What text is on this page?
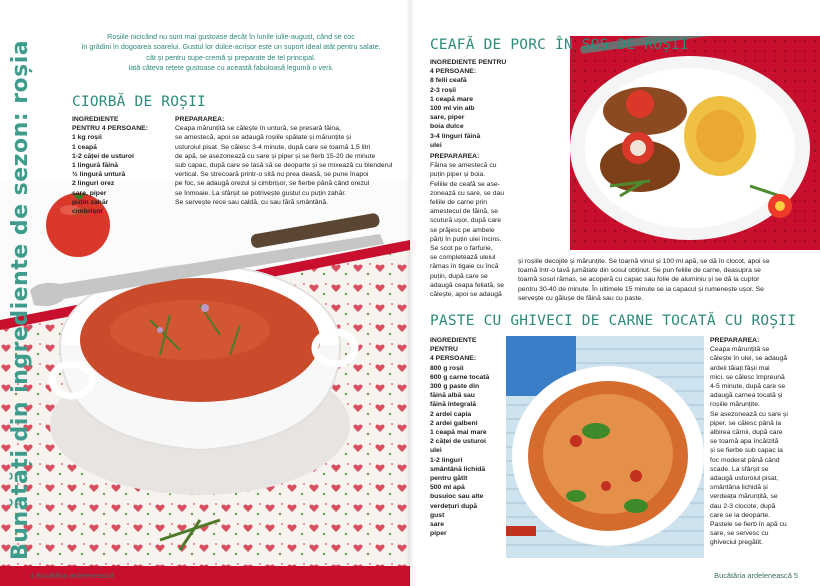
Roșiile nicicând nu sunt mai gustoase decât în lunile iulie-august, când se coc
în grădini în dogoarea soarelui. Gustul lor dulce-acrișor este un suport ideal atât pentru salate,
cât și pentru supe-cremă și preparate de tel principal.
Iată câteva rețete gustoase cu această fabuloasă legumă o verii.
Bunătăți din ingrediente de sezon: roșia	CIORBĂ DE ROȘII
INGREDIENTE
PENTRU 4 PERSOANE:
1 kg roșii
1 ceapă
1-2 căței de usturoi
1 lingură făină
½ lingură untură
2 linguri orez
sare, piper
puțin zahăr
cimbrișor
PREPARAREA:
Ceapa mărunțită se călește în untură, se presară făina,
se amestecă, apoi se adaugă roșiile spălate și mărunțite și
usturoiul pisat. Se călesc 3-4 minute, după care se toarnă 1,5 litri
de apă, se asezonează cu sare și piper și se fierb 15-20 de minute
sub capac, după care se lasă să se deoparte și se mixează cu blenderul
vertical. Se strecoară printr-o sită nu prea deasă, se pune înapoi
pe foc, se adaugă orezul și cimbrișor, se fierbe până când orezul
se înmoaie. La sfârșit se potrivește gustul cu puțin zahăr.
Se servește rece sau caldă, cu sau fără smântână.
4 Bucătăria ardelenească
CEAFĂ DE PORC ÎN SOS DE ROȘII
INGREDIENTE PENTRU
4 PERSOANE:
8 felii ceafă
2-3 roșii
1 ceapă mare
100 ml vin alb
sare, piper
boia dulce
3-4 linguri făină
ulei
PREPARAREA:
Făina se amestecă cu
puțin piper și boia.
Feliile de ceafă se ase-
zonează cu sare, se dau
feliile de carne prin
amestecul de făină, se
scutură ușor, după care
se prăjesc pe ambele
părți în puțin ulei încins.
Se scot pe o farfurie,
se completează uleiul
rămas în tigaie cu încă
puțin, după care se
adaugă ceapa feliată, se
călește, apoi se adaugă
și roșiile decojite și mărunțite. Se toarnă vinul și 100 ml apă, se dă în clocot, apoi se
toarnă într-o tavă jumătate din sosul obținut. Se pun feliile de carne, deasupra se
toarnă sosul rămas, se acoperă cu capac sau folie de aluminiu și se dă la cuptor
pentru 30-40 de minute. În ultimele 15 minute se ia capacul și rumenește ușor. Se
servește cu gălușe de făină sau cu paste.
PASTE CU GHIVECI DE CARNE TOCATĂ CU ROȘII
INGREDIENTE
PENTRU
4 PERSOANE:
800 g roșii
600 g carne tocată
300 g paste din
făină albă sau
făină integrală
2 ardei capia
2 ardei galbeni
1 ceapă mai mare
2 căței de usturoi
ulei
1-2 linguri
smântână lichidă
pentru gătit
500 ml apă
busuioc sau alte
verdețuri după
gust
sare
piper
PREPARAREA:
Ceapa mărunțită se
călește în ulei, se adaugă
ardeii tăiați fâșii mai
mici, se călesc împreună
4-5 minute, după care se
adaugă carnea tocată și
roșiile mărunțite.
Se asezonează cu sare și
piper, se călesc până la
albirea cărnii, după care
se toarnă apa încălzită
și se fierbe sub capac la
foc moderat până când
scade. La sfârșit se
adaugă usturoiul pisat,
smântâna lichidă și
verdeața mărunțită, se
dau 2-3 clocote, după
care se ia deoparte.
Pastele se fierb în apă cu
sare, se servesc cu
ghiveciul pregătit.
Bucătăria ardelenească 5
